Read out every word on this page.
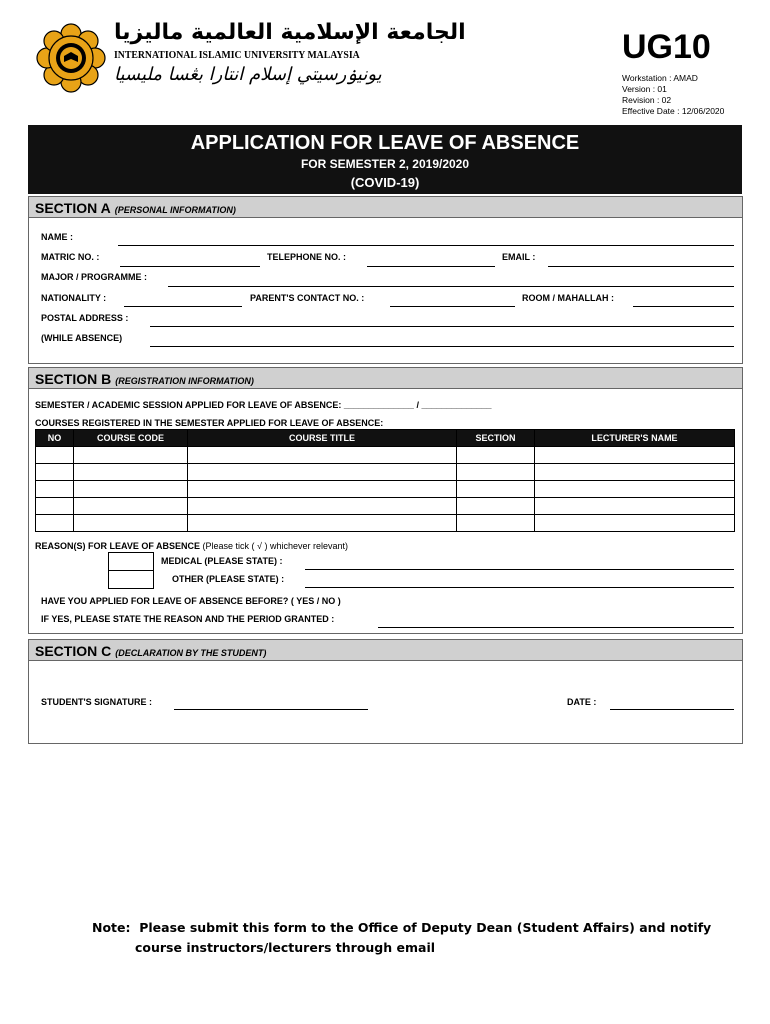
الجامعة الإسلامية العالمية ماليزيا
INTERNATIONAL ISLAMIC UNIVERSITY MALAYSIA
يونيۏرسيتي إسلام انتارا بڠسا مليسيا
UG10
Workstation : AMAD
Version : 01
Revision : 02
Effective Date : 12/06/2020
APPLICATION FOR LEAVE OF ABSENCE
FOR SEMESTER 2, 2019/2020
(COVID-19)
SECTION A (PERSONAL INFORMATION)
NAME :
MATRIC NO. :	TELEPHONE NO. :	EMAIL :
MAJOR / PROGRAMME :
NATIONALITY :	PARENT'S CONTACT NO. :	ROOM / MAHALLAH :
POSTAL ADDRESS :
(WHILE ABSENCE)
SECTION B (REGISTRATION INFORMATION)
SEMESTER / ACADEMIC SESSION APPLIED FOR LEAVE OF ABSENCE: ______________ / ______________
COURSES REGISTERED IN THE SEMESTER APPLIED FOR LEAVE OF ABSENCE:
NO	COURSE CODE	COURSE TITLE	SECTION	LECTURER'S NAME

REASON(S) FOR LEAVE OF ABSENCE (Please tick ( √ ) whichever relevant)
MEDICAL (PLEASE STATE) :
OTHER (PLEASE STATE) :
HAVE YOU APPLIED FOR LEAVE OF ABSENCE BEFORE? ( YES / NO )
IF YES, PLEASE STATE THE REASON AND THE PERIOD GRANTED :
SECTION C (DECLARATION BY THE STUDENT)
STUDENT'S SIGNATURE :	DATE :
Note:  Please submit this form to the Office of Deputy Dean (Student Affairs) and notify
course instructors/lecturers through email
